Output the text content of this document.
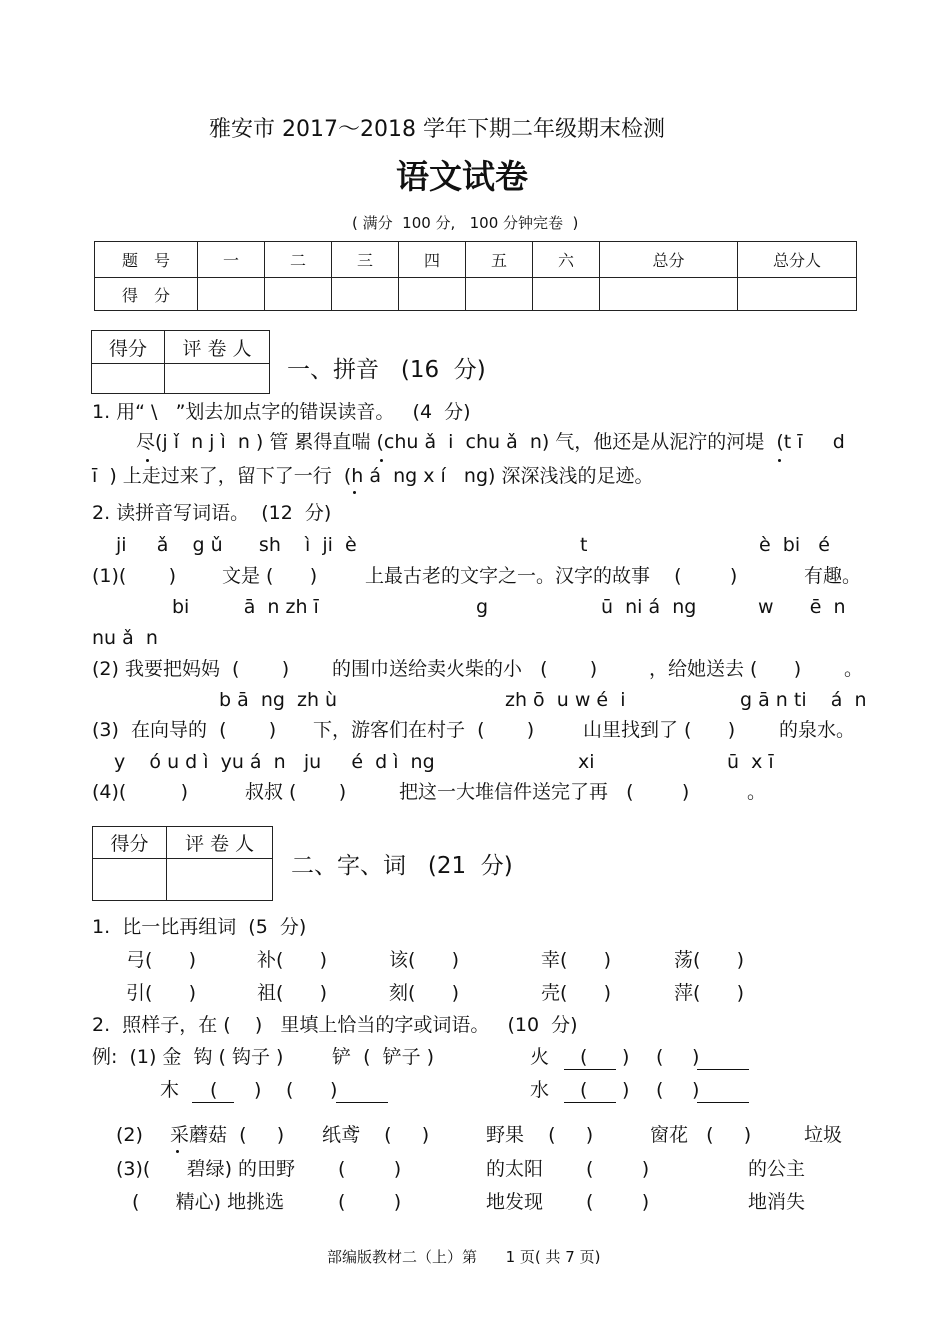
雅安市 2017～2018 学年下期二年级期末检测
语文试卷
( 满分  100 分,   100 分钟完卷  )
题　号	一	二	三	四	五	六	总分	总分人
得　分								
得分	评 卷 人

一、拼音   (16  分)
1. 用“ \   ”划去加点字的错误读音。   (4  分)
尽(j ǐ  n j ì  n ) 管 累得直喘 (chu ǎ  i  chu ǎ  n) 气，他还是从泥泞的河堤  (t ī     d
ī  ) 上走过来了，留下了一行  (h á  ng x í   ng) 深深浅浅的足迹。
2. 读拼音写词语。  (12  分)
ji     ǎ    g ǔ      sh    ì  ji  è	t	è  bi   é
(1)(       ) 文是 (      )	上最古老的文字之一。汉字的故事    (        )	有趣。
bi         ā  n zh ī	g	ū  ni á  ng	w      ē  n
nu ǎ  n
(2) 我要把妈妈  (       ) 的围巾送给卖火柴的小   (       )	，给她送去 (      ) 。
b ā  ng  zh ù	zh ō  u w é  i	g ā n ti    á  n
(3)  在向导的  (       ) 下，游客们在村子  (       )	山里找到了 (      ) 的泉水。
y    ó u d ì  yu á  n   ju     é  d ì  ng	xi	ū  x ī
(4)(         )	叔叔 (       )	把这一大堆信件送完了再   (        )	。
得分	评 卷 人

二、字、词   (21  分)
1.  比一比再组词  (5  分)
弓(      )	补(      )	该(      )	幸(      )	荡(      )
引(      )	祖(      )	刻(      )	壳(      )	萍(      )
2.  照样子，在 (    )   里填上恰当的字或词语。   (10  分)
例:  (1) 金  钩 ( 钩子 )	铲  (  铲子 )	火 ( ) ( )
木 ( ) ( )	水 ( ) ( )
(2) 采蘑菇  (     ) 纸鸢    (     )	野果    (     )	窗花   (     )	垃圾
(3)(      碧绿) 的田野 (        )	的太阳 (        )	的公主
(      精心) 地挑选	(        )	地发现 (        )	地消失
部编版教材二（上）第      1 页( 共 7 页)
